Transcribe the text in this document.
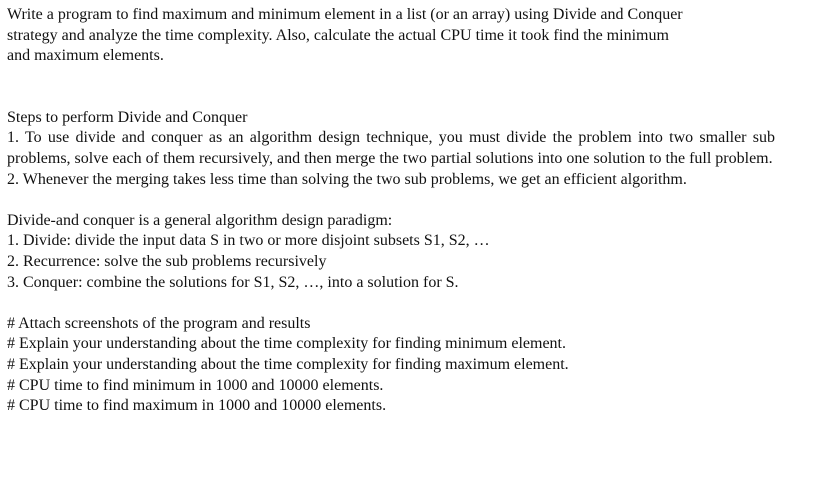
Write a program to find maximum and minimum element in a list (or an array) using Divide and Conquer
strategy and analyze the time complexity. Also, calculate the actual CPU time it took find the minimum
and maximum elements.

Steps to perform Divide and Conquer

1. To use divide and conquer as an algorithm design technique, you must divide the problem into two smaller sub problems, solve each of them recursively, and then merge the two partial solutions into one solution to the full problem.

2. Whenever the merging takes less time than solving the two sub problems, we get an efficient algorithm.

Divide-and conquer is a general algorithm design paradigm:

1. Divide: divide the input data S in two or more disjoint subsets S1, S2, …

2. Recurrence: solve the sub problems recursively

3. Conquer: combine the solutions for S1, S2, …, into a solution for S.

# Attach screenshots of the program and results

# Explain your understanding about the time complexity for finding minimum element.

# Explain your understanding about the time complexity for finding maximum element.

# CPU time to find minimum in 1000 and 10000 elements.

# CPU time to find maximum in 1000 and 10000 elements.
